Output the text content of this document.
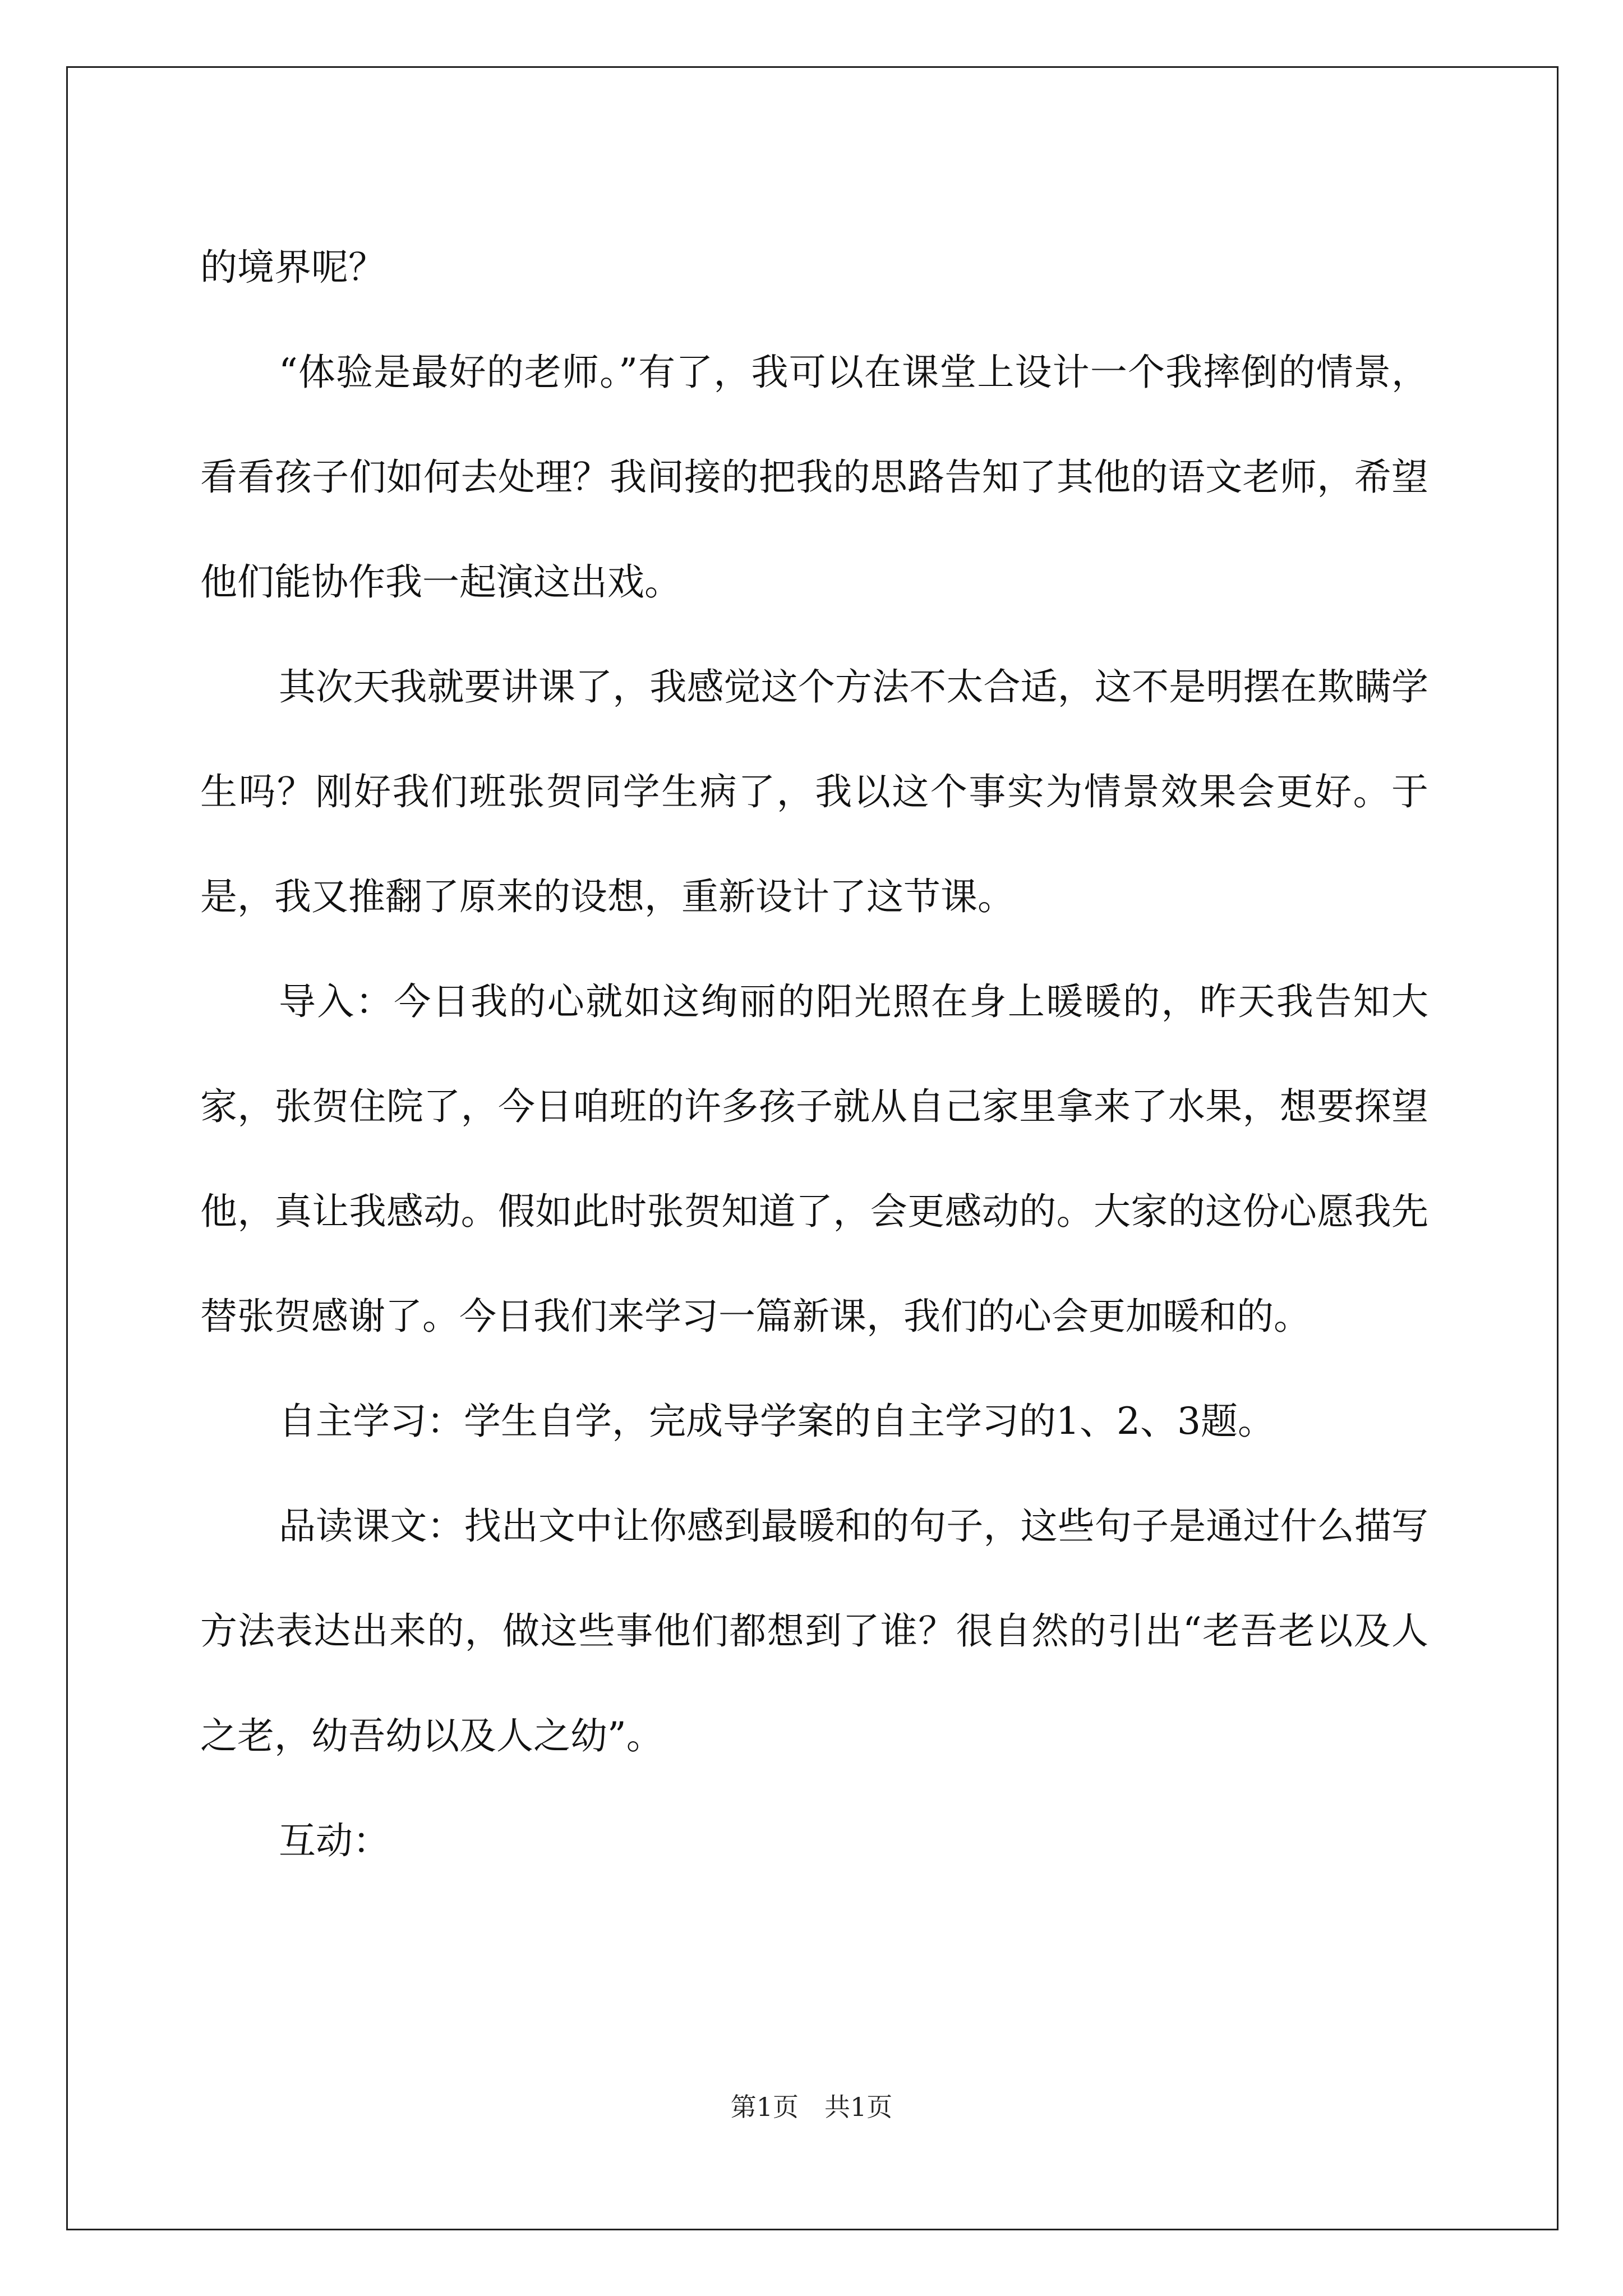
的境界呢？

“体验是最好的老师。”有了，我可以在课堂上设计一个我摔倒的情景，看看孩子们如何去处理？我间接的把我的思路告知了其他的语文老师，希望他们能协作我一起演这出戏。

其次天我就要讲课了，我感觉这个方法不太合适，这不是明摆在欺瞒学生吗？刚好我们班张贺同学生病了，我以这个事实为情景效果会更好。于是，我又推翻了原来的设想，重新设计了这节课。

导入：今日我的心就如这绚丽的阳光照在身上暖暖的，昨天我告知大家，张贺住院了，今日咱班的许多孩子就从自己家里拿来了水果，想要探望他，真让我感动。假如此时张贺知道了，会更感动的。大家的这份心愿我先替张贺感谢了。今日我们来学习一篇新课，我们的心会更加暖和的。

自主学习：学生自学，完成导学案的自主学习的1、2、3题。

品读课文：找出文中让你感到最暖和的句子，这些句子是通过什么描写方法表达出来的，做这些事他们都想到了谁？很自然的引出“老吾老以及人之老，幼吾幼以及人之幼”。

互动：

第1页 共1页
